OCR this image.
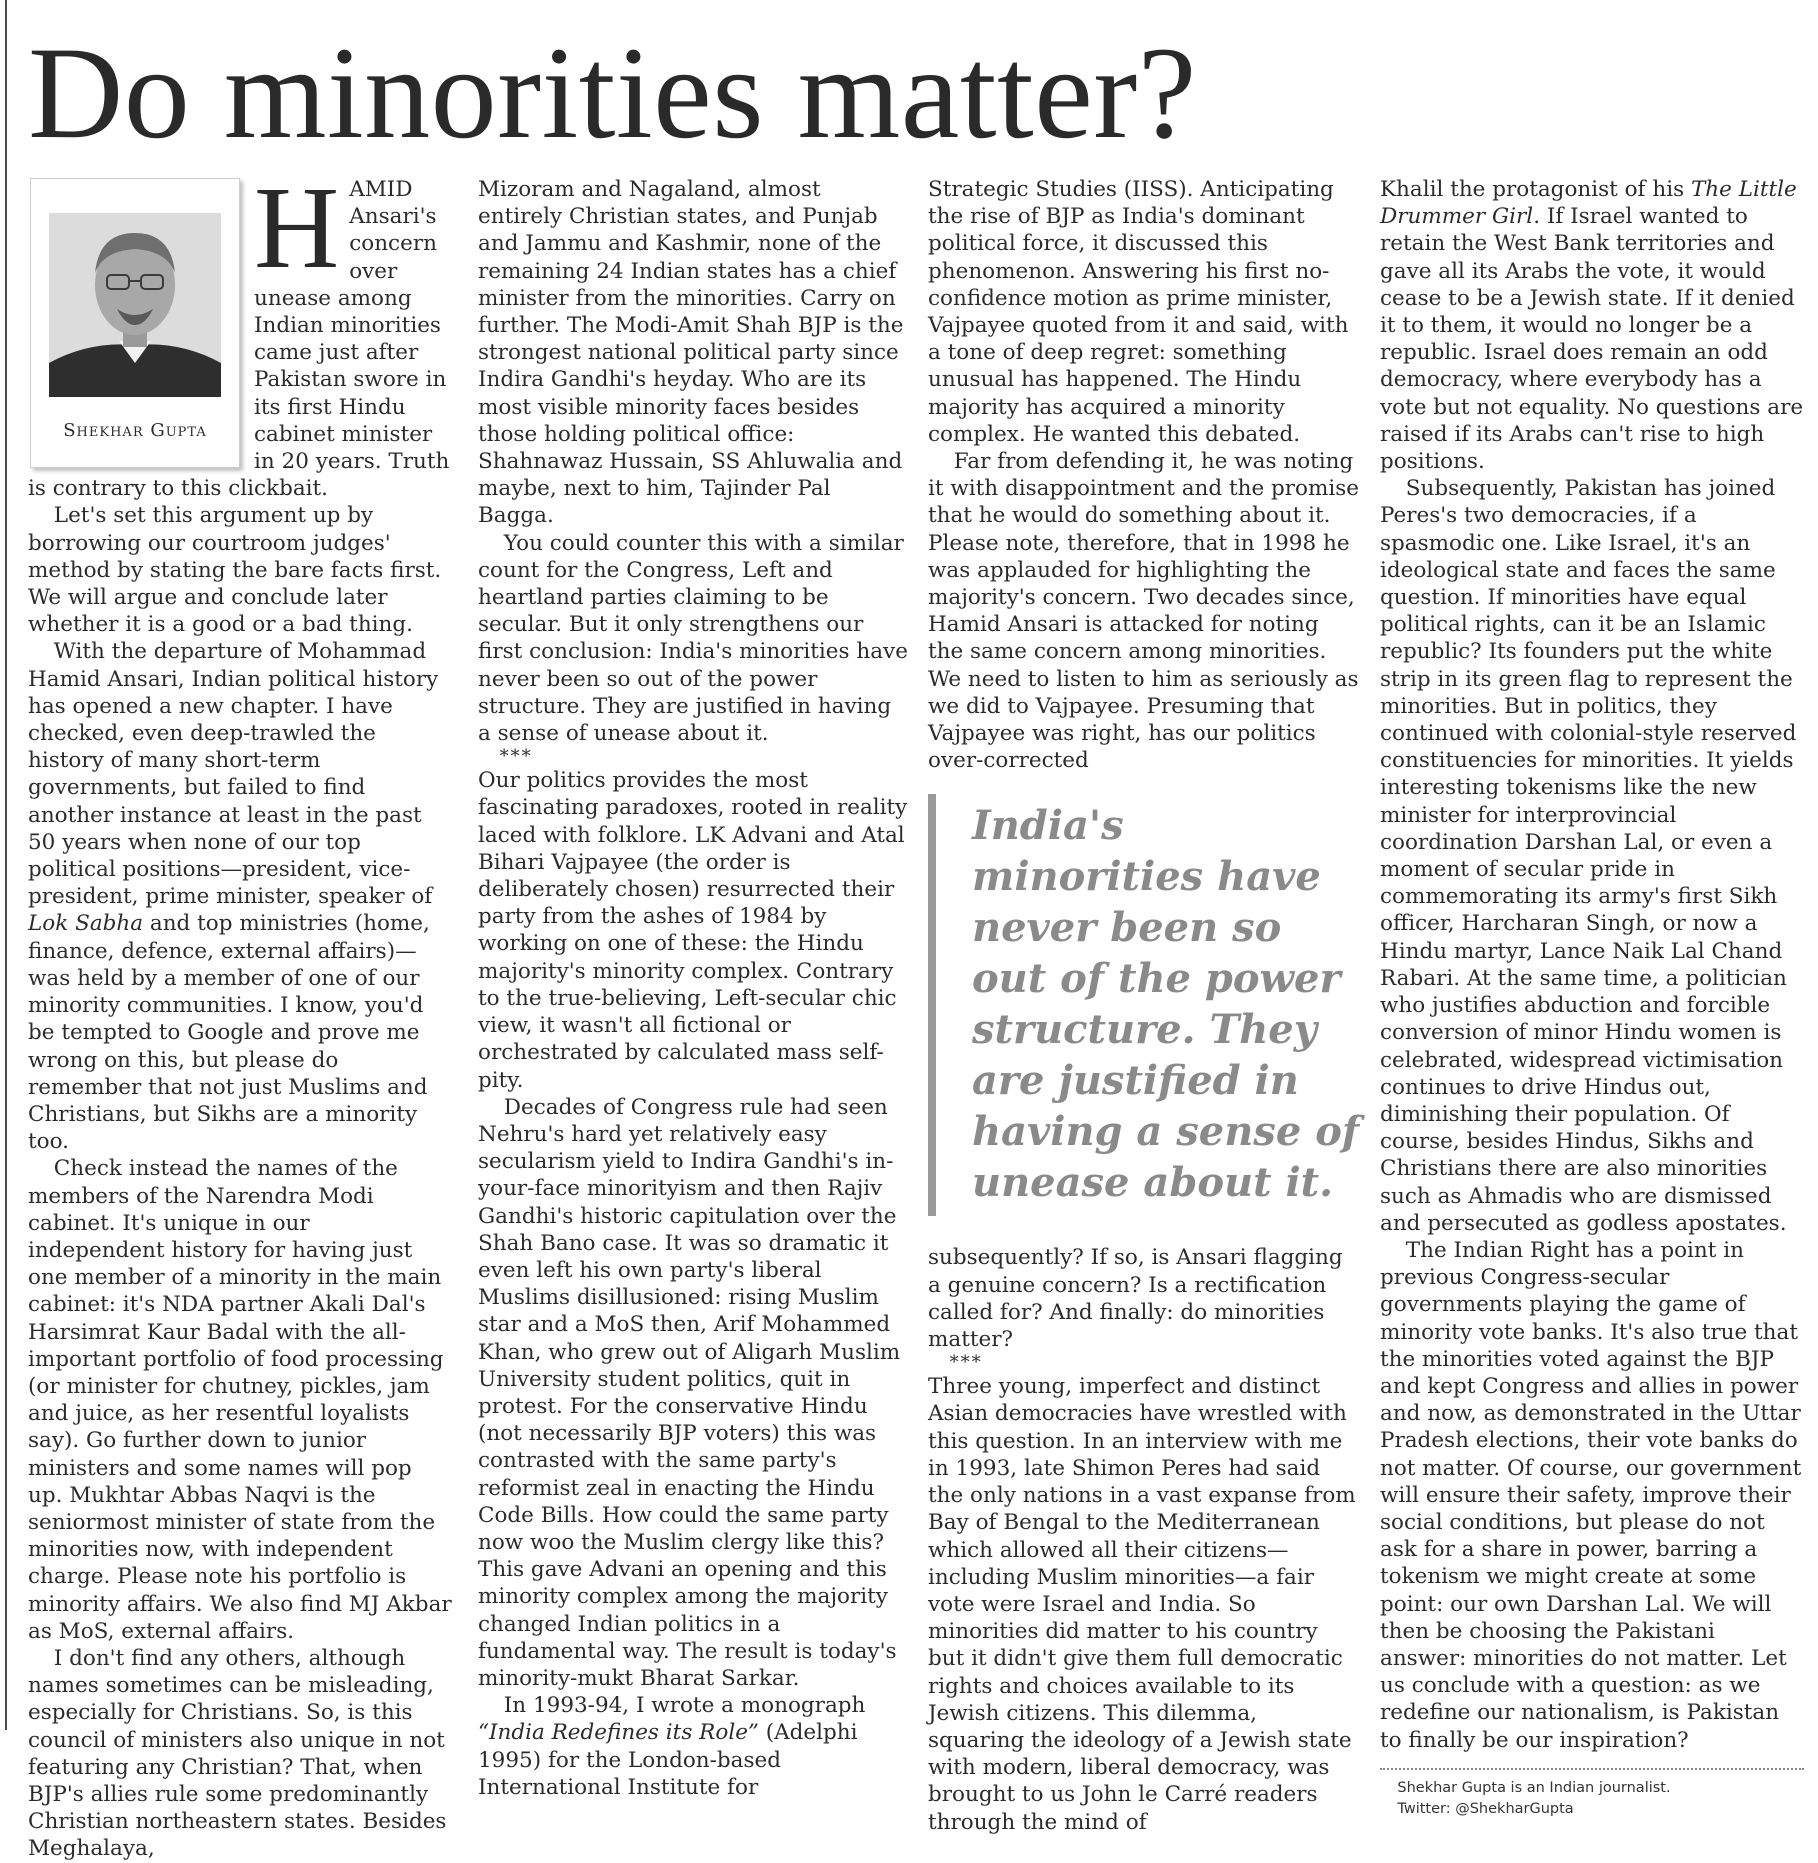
Do minorities matter?
Shekhar Gupta
H AMID Ansari's concern over unease among Indian minorities came just after Pakistan swore in its first Hindu cabinet minister in 20 years. Truth is contrary to this clickbait.

Let's set this argument up by borrowing our courtroom judges' method by stating the bare facts first. We will argue and conclude later whether it is a good or a bad thing.

With the departure of Mohammad Hamid Ansari, Indian political history has opened a new chapter. I have checked, even deep-trawled the history of many short-term governments, but failed to find another instance at least in the past 50 years when none of our top political positions—president, vice-president, prime minister, speaker of Lok Sabha and top ministries (home, finance, defence, external affairs)—was held by a member of one of our minority communities. I know, you'd be tempted to Google and prove me wrong on this, but please do remember that not just Muslims and Christians, but Sikhs are a minority too.

Check instead the names of the members of the Narendra Modi cabinet. It's unique in our independent history for having just one member of a minority in the main cabinet: it's NDA partner Akali Dal's Harsimrat Kaur Badal with the all-important portfolio of food processing (or minister for chutney, pickles, jam and juice, as her resentful loyalists say). Go further down to junior ministers and some names will pop up. Mukhtar Abbas Naqvi is the seniormost minister of state from the minorities now, with independent charge. Please note his portfolio is minority affairs. We also find MJ Akbar as MoS, external affairs.

I don't find any others, although names sometimes can be misleading, especially for Christians. So, is this council of ministers also unique in not featuring any Christian? That, when BJP's allies rule some predominantly Christian northeastern states. Besides Meghalaya,

Mizoram and Nagaland, almost entirely Christian states, and Punjab and Jammu and Kashmir, none of the remaining 24 Indian states has a chief minister from the minorities. Carry on further. The Modi-Amit Shah BJP is the strongest national political party since Indira Gandhi's heyday. Who are its most visible minority faces besides those holding political office: Shahnawaz Hussain, SS Ahluwalia and maybe, next to him, Tajinder Pal Bagga.

You could counter this with a similar count for the Congress, Left and heartland parties claiming to be secular. But it only strengthens our first conclusion: India's minorities have never been so out of the power structure. They are justified in having a sense of unease about it.

***

Our politics provides the most fascinating paradoxes, rooted in reality laced with folklore. LK Advani and Atal Bihari Vajpayee (the order is deliberately chosen) resurrected their party from the ashes of 1984 by working on one of these: the Hindu majority's minority complex. Contrary to the true-believing, Left-secular chic view, it wasn't all fictional or orchestrated by calculated mass self-pity.

Decades of Congress rule had seen Nehru's hard yet relatively easy secularism yield to Indira Gandhi's in-your-face minorityism and then Rajiv Gandhi's historic capitulation over the Shah Bano case. It was so dramatic it even left his own party's liberal Muslims disillusioned: rising Muslim star and a MoS then, Arif Mohammed Khan, who grew out of Aligarh Muslim University student politics, quit in protest. For the conservative Hindu (not necessarily BJP voters) this was contrasted with the same party's reformist zeal in enacting the Hindu Code Bills. How could the same party now woo the Muslim clergy like this? This gave Advani an opening and this minority complex among the majority changed Indian politics in a fundamental way. The result is today's minority-mukt Bharat Sarkar.

In 1993-94, I wrote a monograph “India Redefines its Role” (Adelphi 1995) for the London-based International Institute for

Strategic Studies (IISS). Anticipating the rise of BJP as India's dominant political force, it discussed this phenomenon. Answering his first no-confidence motion as prime minister, Vajpayee quoted from it and said, with a tone of deep regret: something unusual has happened. The Hindu majority has acquired a minority complex. He wanted this debated.

Far from defending it, he was noting it with disappointment and the promise that he would do something about it. Please note, therefore, that in 1998 he was applauded for highlighting the majority's concern. Two decades since, Hamid Ansari is attacked for noting the same concern among minorities. We need to listen to him as seriously as we did to Vajpayee. Presuming that Vajpayee was right, has our politics over-corrected

India's minorities have never been so out of the power structure. They are justified in having a sense of unease about it.

subsequently? If so, is Ansari flagging a genuine concern? Is a rectification called for? And finally: do minorities matter?

***

Three young, imperfect and distinct Asian democracies have wrestled with this question. In an interview with me in 1993, late Shimon Peres had said the only nations in a vast expanse from Bay of Bengal to the Mediterranean which allowed all their citizens—including Muslim minorities—a fair vote were Israel and India. So minorities did matter to his country but it didn't give them full democratic rights and choices available to its Jewish citizens. This dilemma, squaring the ideology of a Jewish state with modern, liberal democracy, was brought to us John le Carré readers through the mind of

Khalil the protagonist of his The Little Drummer Girl. If Israel wanted to retain the West Bank territories and gave all its Arabs the vote, it would cease to be a Jewish state. If it denied it to them, it would no longer be a republic. Israel does remain an odd democracy, where everybody has a vote but not equality. No questions are raised if its Arabs can't rise to high positions.

Subsequently, Pakistan has joined Peres's two democracies, if a spasmodic one. Like Israel, it's an ideological state and faces the same question. If minorities have equal political rights, can it be an Islamic republic? Its founders put the white strip in its green flag to represent the minorities. But in politics, they continued with colonial-style reserved constituencies for minorities. It yields interesting tokenisms like the new minister for interprovincial coordination Darshan Lal, or even a moment of secular pride in commemorating its army's first Sikh officer, Harcharan Singh, or now a Hindu martyr, Lance Naik Lal Chand Rabari. At the same time, a politician who justifies abduction and forcible conversion of minor Hindu women is celebrated, widespread victimisation continues to drive Hindus out, diminishing their population. Of course, besides Hindus, Sikhs and Christians there are also minorities such as Ahmadis who are dismissed and persecuted as godless apostates.

The Indian Right has a point in previous Congress-secular governments playing the game of minority vote banks. It's also true that the minorities voted against the BJP and kept Congress and allies in power and now, as demonstrated in the Uttar Pradesh elections, their vote banks do not matter. Of course, our government will ensure their safety, improve their social conditions, but please do not ask for a share in power, barring a tokenism we might create at some point: our own Darshan Lal. We will then be choosing the Pakistani answer: minorities do not matter. Let us conclude with a question: as we redefine our nationalism, is Pakistan to finally be our inspiration?

Shekhar Gupta is an Indian journalist.

Twitter: @ShekharGupta
